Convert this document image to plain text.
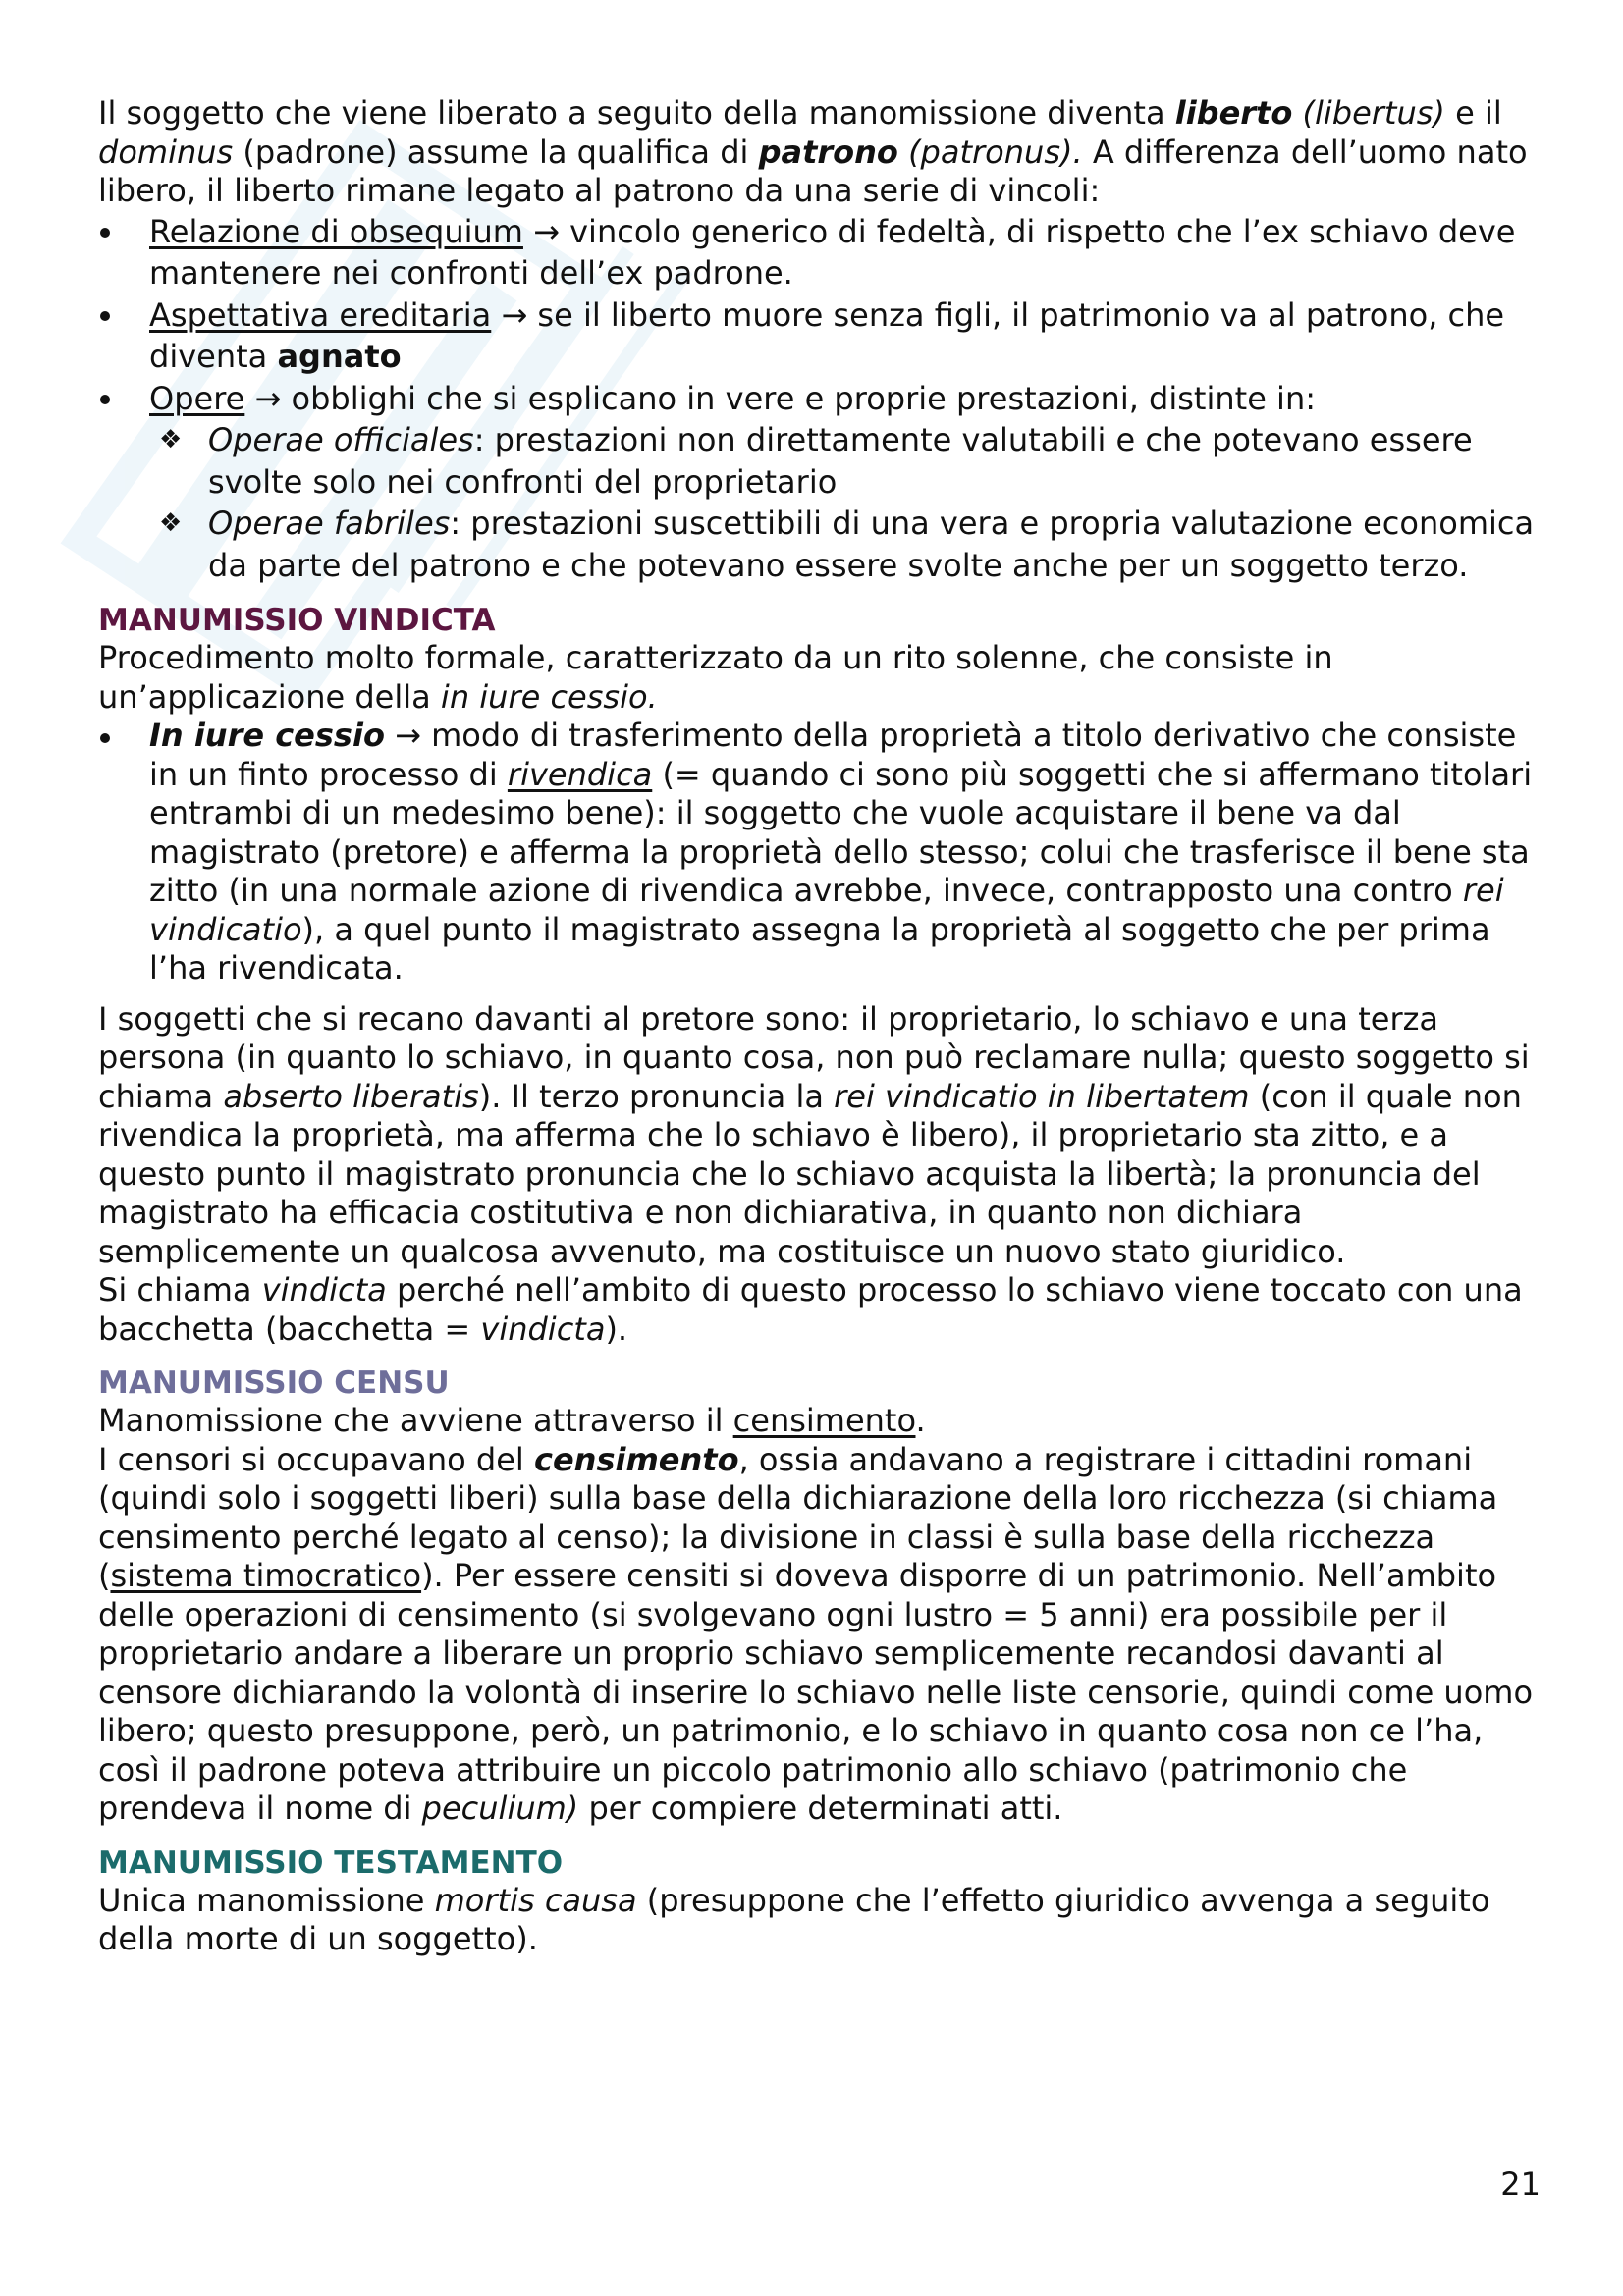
Il soggetto che viene liberato a seguito della manomissione diventa liberto (libertus) e il dominus (padrone) assume la qualifica di patrono (patronus). A differenza dell’uomo nato libero, il liberto rimane legato al patrono da una serie di vincoli:

Relazione di obsequium → vincolo generico di fedeltà, di rispetto che l’ex schiavo deve mantenere nei confronti dell’ex padrone.
Aspettativa ereditaria → se il liberto muore senza figli, il patrimonio va al patrono, che diventa agnato
Opere → obblighi che si esplicano in vere e proprie prestazioni, distinte in:
❖ Operae officiales: prestazioni non direttamente valutabili e che potevano essere svolte solo nei confronti del proprietario
❖ Operae fabriles: prestazioni suscettibili di una vera e propria valutazione economica da parte del patrono e che potevano essere svolte anche per un soggetto terzo.
MANUMISSIO VINDICTA

Procedimento molto formale, caratterizzato da un rito solenne, che consiste in un’applicazione della in iure cessio.

In iure cessio → modo di trasferimento della proprietà a titolo derivativo che consiste in un finto processo di rivendica (= quando ci sono più soggetti che si affermano titolari entrambi di un medesimo bene): il soggetto che vuole acquistare il bene va dal magistrato (pretore) e afferma la proprietà dello stesso; colui che trasferisce il bene sta zitto (in una normale azione di rivendica avrebbe, invece, contrapposto una contro rei vindicatio), a quel punto il magistrato assegna la proprietà al soggetto che per prima l’ha rivendicata.

I soggetti che si recano davanti al pretore sono: il proprietario, lo schiavo e una terza persona (in quanto lo schiavo, in quanto cosa, non può reclamare nulla; questo soggetto si chiama abserto liberatis). Il terzo pronuncia la rei vindicatio in libertatem (con il quale non rivendica la proprietà, ma afferma che lo schiavo è libero), il proprietario sta zitto, e a questo punto il magistrato pronuncia che lo schiavo acquista la libertà; la pronuncia del magistrato ha efficacia costitutiva e non dichiarativa, in quanto non dichiara semplicemente un qualcosa avvenuto, ma costituisce un nuovo stato giuridico.

Si chiama vindicta perché nell’ambito di questo processo lo schiavo viene toccato con una bacchetta (bacchetta = vindicta).

MANUMISSIO CENSU

Manomissione che avviene attraverso il censimento.

I censori si occupavano del censimento, ossia andavano a registrare i cittadini romani (quindi solo i soggetti liberi) sulla base della dichiarazione della loro ricchezza (si chiama censimento perché legato al censo); la divisione in classi è sulla base della ricchezza (sistema timocratico). Per essere censiti si doveva disporre di un patrimonio. Nell’ambito delle operazioni di censimento (si svolgevano ogni lustro = 5 anni) era possibile per il proprietario andare a liberare un proprio schiavo semplicemente recandosi davanti al censore dichiarando la volontà di inserire lo schiavo nelle liste censorie, quindi come uomo libero; questo presuppone, però, un patrimonio, e lo schiavo in quanto cosa non ce l’ha, così il padrone poteva attribuire un piccolo patrimonio allo schiavo (patrimonio che prendeva il nome di peculium) per compiere determinati atti.

MANUMISSIO TESTAMENTO

Unica manomissione mortis causa (presuppone che l’effetto giuridico avvenga a seguito della morte di un soggetto).

21
